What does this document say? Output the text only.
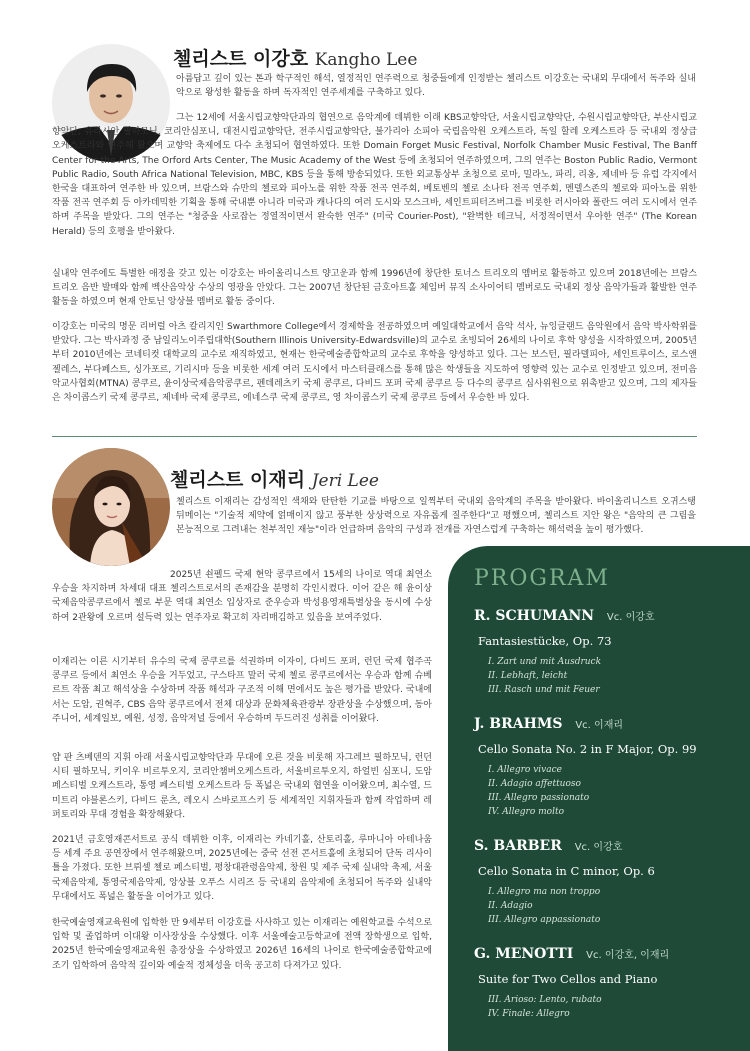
첼리스트 이강호 Kangho Lee

아름답고 깊이 있는 톤과 학구적인 해석, 열정적인 연주력으로 청중들에게 인정받는 첼리스트 이강호는 국내외 무대에서 독주와 실내악으로 왕성한 활동을 하며 독자적인 연주세계를 구축하고 있다.

그는 12세에 서울시립교향악단과의 협연으로 음악계에 데뷔한 이래 KBS교향악단, 서울시립교향악단, 수원시립교향악단, 부산시립교향악단, 유라시안 필하모닉, 코리안심포니, 대전시립교향악단, 전주시립교향악단, 불가리아 소피아 국립음악원 오케스트라, 독일 할레 오케스트라 등 국내외 정상급 오케스트라와 연주해 왔으며 교향악 축제에도 다수 초청되어 협연하였다. 또한 Domain Forget Music Festival, Norfolk Chamber Music Festival, The Banff Center for the Arts, The Orford Arts Center, The Music Academy of the West 등에 초청되어 연주하였으며, 그의 연주는 Boston Public Radio, Vermont Public Radio, South Africa National Television, MBC, KBS 등을 통해 방송되었다. 또한 외교통상부 초청으로 로마, 밀라노, 파리, 리옹, 제네바 등 유럽 각지에서 한국을 대표하여 연주한 바 있으며, 브람스와 슈만의 첼로와 피아노를 위한 작품 전곡 연주회, 베토벤의 첼로 소나타 전곡 연주회, 멘델스존의 첼로와 피아노를 위한 작품 전곡 연주회 등 아카데믹한 기획을 통해 국내뿐 아니라 미국과 캐나다의 여러 도시와 모스크바, 세인트피터즈버그를 비롯한 러시아와 폴란드 여러 도시에서 연주하며 주목을 받았다. 그의 연주는 "청중을 사로잡는 정열적이면서 완숙한 연주" (미국 Courier-Post), "완벽한 테크닉, 서정적이면서 우아한 연주" (The Korean Herald) 등의 호평을 받아왔다.

실내악 연주에도 특별한 애정을 갖고 있는 이강호는 바이올리니스트 양고운과 함께 1996년에 창단한 토너스 트리오의 멤버로 활동하고 있으며 2018년에는 브람스 트리오 음반 발매와 함께 벡산음악상 수상의 영광을 안았다. 그는 2007년 창단된 금호아트홀 체임버 뮤직 소사이어티 멤버로도 국내외 정상 음악가들과 활발한 연주활동을 하였으며 현재 안토닌 앙상블 멤버로 활동 중이다.

이강호는 미국의 명문 리버럴 아츠 칼리지인 Swarthmore College에서 경제학을 전공하였으며 예일대학교에서 음악 석사, 뉴잉글랜드 음악원에서 음악 박사학위를 받았다. 그는 박사과정 중 남일리노이주립대학(Southern Illinois University-Edwardsville)의 교수로 초빙되어 26세의 나이로 후학 양성을 시작하였으며, 2005년부터 2010년에는 코네티컷 대학교의 교수로 재직하였고, 현재는 한국예술종합학교의 교수로 후학을 양성하고 있다. 그는 보스턴, 필라델피아, 세인트루이스, 로스앤젤레스, 부다페스트, 싱가포르, 기리시마 등을 비롯한 세계 여러 도시에서 마스터클래스를 통해 많은 학생들을 지도하여 영향력 있는 교수로 인정받고 있으며, 전미음악교사협회(MTNA) 콩쿠르, 윤이상국제음악콩쿠르, 펜데레츠키 국제 콩쿠르, 다비드 포퍼 국제 콩쿠르 등 다수의 콩쿠르 심사위원으로 위촉받고 있으며, 그의 제자들은 차이콥스키 국제 콩쿠르, 제네바 국제 콩쿠르, 에네스쿠 국제 콩쿠르, 영 차이콥스키 국제 콩쿠르 등에서 우승한 바 있다.

첼리스트 이재리 Jeri Lee

첼리스트 이재리는 감성적인 색채와 탄탄한 기교를 바탕으로 일찍부터 국내외 음악계의 주목을 받아왔다. 바이올리니스트 오귀스탱 뒤메이는 "기술적 제약에 얽매이지 않고 풍부한 상상력으로 자유롭게 질주한다"고 평했으며, 첼리스트 지안 왕은 "음악의 큰 그림을 본능적으로 그려내는 천부적인 재능"이라 언급하며 음악의 구성과 전개를 자연스럽게 구축하는 해석력을 높이 평가했다.

2025년 쇤펠드 국제 현악 콩쿠르에서 15세의 나이로 역대 최연소 우승을 차지하며 차세대 대표 첼리스트로서의 존재감을 분명히 각인시켰다. 이어 같은 해 윤이상국제음악콩쿠르에서 첼로 부문 역대 최연소 입상자로 준우승과 박성용영재특별상을 동시에 수상하여 2관왕에 오르며 설득력 있는 연주자로 확고히 자리매김하고 있음을 보여주었다.

이재리는 이른 시기부터 유수의 국제 콩쿠르를 석권하며 이자이, 다비드 포퍼, 런던 국제 협주곡 콩쿠르 등에서 최연소 우승을 거두었고, 구스타프 말러 국제 첼로 콩쿠르에서는 우승과 함께 슈베르트 작품 최고 해석상을 수상하며 작품 해석과 구조적 이해 면에서도 높은 평가를 받았다. 국내에서는 도암, 권혁주, CBS 음악 콩쿠르에서 전체 대상과 문화체육관광부 장관상을 수상했으며, 동아주니어, 세계일보, 예원, 성정, 음악저널 등에서 우승하며 두드러진 성취를 이어왔다.

얍 판 츠베덴의 지휘 아래 서울시립교향악단과 무대에 오른 것을 비롯해 자그레브 필하모닉, 런던 시티 필하모닉, 키이우 비르투오지, 코리안챔버오케스트라, 서울비르투오지, 하얼빈 심포니, 도암 페스티벌 오케스트라, 통영 페스티벌 오케스트라 등 폭넓은 국내외 협연을 이어왔으며, 최수열, 드미트리 야블론스키, 다비드 룬츠, 레오시 스바로프스키 등 세계적인 지휘자들과 함께 작업하며 레퍼토리와 무대 경험을 확장해왔다.

2021년 금호영재콘서트로 공식 데뷔한 이후, 이재리는 카네기홀, 산토리홀, 루마니아 아테나움 등 세계 주요 공연장에서 연주해왔으며, 2025년에는 중국 선전 콘서트홀에 초청되어 단독 리사이틀을 가졌다. 또한 브뤼셀 첼로 페스티벌, 평창대관령음악제, 창원 및 제주 국제 실내악 축제, 서울국제음악제, 통영국제음악제, 앙상블 오푸스 시리즈 등 국내외 음악제에 초청되어 독주와 실내악 무대에서도 폭넓은 활동을 이어가고 있다.

한국예술영재교육원에 입학한 만 9세부터 이강호를 사사하고 있는 이재리는 예원학교를 수석으로 입학 및 졸업하며 이대왕 이사장상을 수상했다. 이후 서울예술고등학교에 전액 장학생으로 입학, 2025년 한국예술영재교육원 총장상을 수상하였고 2026년 16세의 나이로 한국예술종합학교에 조기 입학하여 음악적 깊이와 예술적 정체성을 더욱 공고히 다져가고 있다.

PROGRAM
R. SCHUMANN Vc. 이강호
Fantasiestücke, Op. 73
I. Zart und mit Ausdruck
II. Lebhaft, leicht
III. Rasch und mit Feuer
J. BRAHMS Vc. 이재리
Cello Sonata No. 2 in F Major, Op. 99
I. Allegro vivace
II. Adagio affettuoso
III. Allegro passionato
IV. Allegro molto
S. BARBER Vc. 이강호
Cello Sonata in C minor, Op. 6
I. Allegro ma non troppo
II. Adagio
III. Allegro appassionato
G. MENOTTI Vc. 이강호, 이재리
Suite for Two Cellos and Piano
III. Arioso: Lento, rubato
IV. Finale: Allegro
